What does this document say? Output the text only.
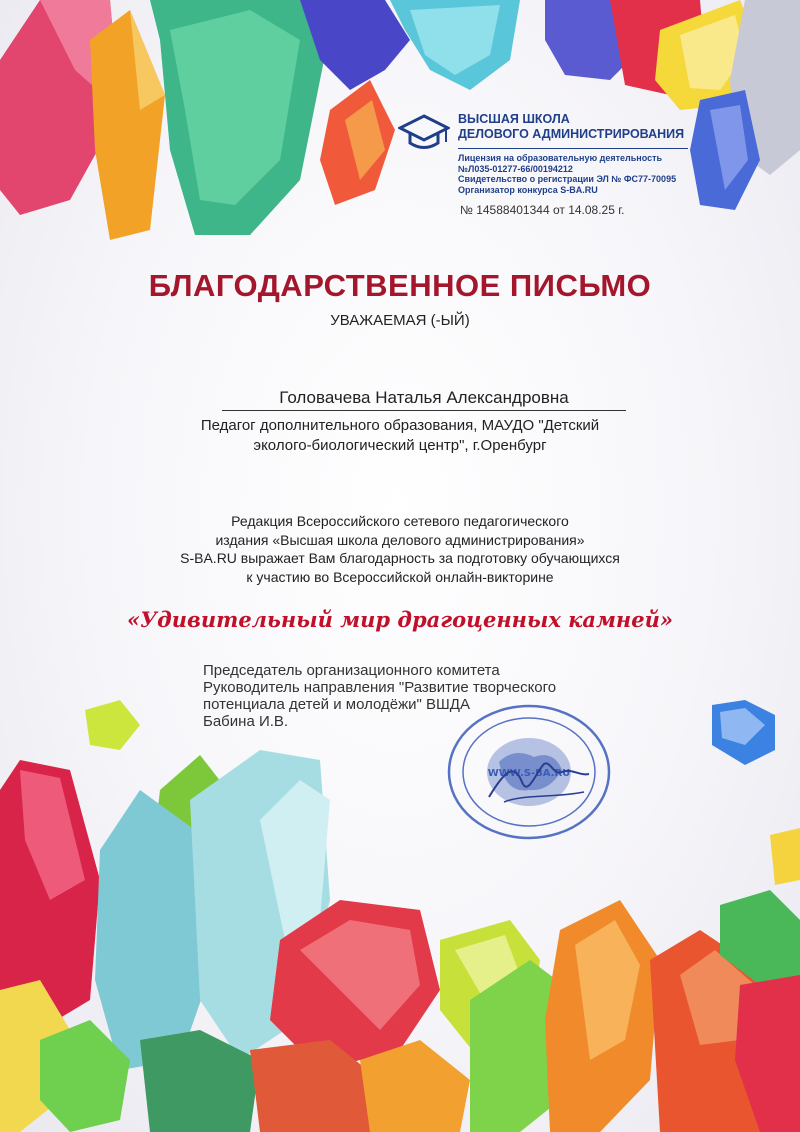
ВЫСШАЯ ШКОЛА
ДЕЛОВОГО АДМИНИСТРИРОВАНИЯ
Лицензия на образовательную деятельность
№Л035-01277-66/00194212
Свидетельство о регистрации ЭЛ № ФС77-70095
Организатор конкурса S-BA.RU
№ 14588401344 от 14.08.25 г.
БЛАГОДАРСТВЕННОЕ ПИСЬМО
УВАЖАЕМАЯ (-ЫЙ)
Головачева Наталья Александровна
Педагог дополнительного образования, МАУДО "Детский
эколого-биологический центр", г.Оренбург
Редакция Всероссийского сетевого педагогического
издания «Высшая школа делового администрирования»
S-BA.RU выражает Вам благодарность за подготовку обучающихся
к участию во Всероссийской онлайн-викторине
«Удивительный мир драгоценных камней»
Председатель организационного комитета
Руководитель направления "Развитие творческого
потенциала детей и молодёжи" ВШДА
Бабина И.В.
WWW.S-BA.RU
